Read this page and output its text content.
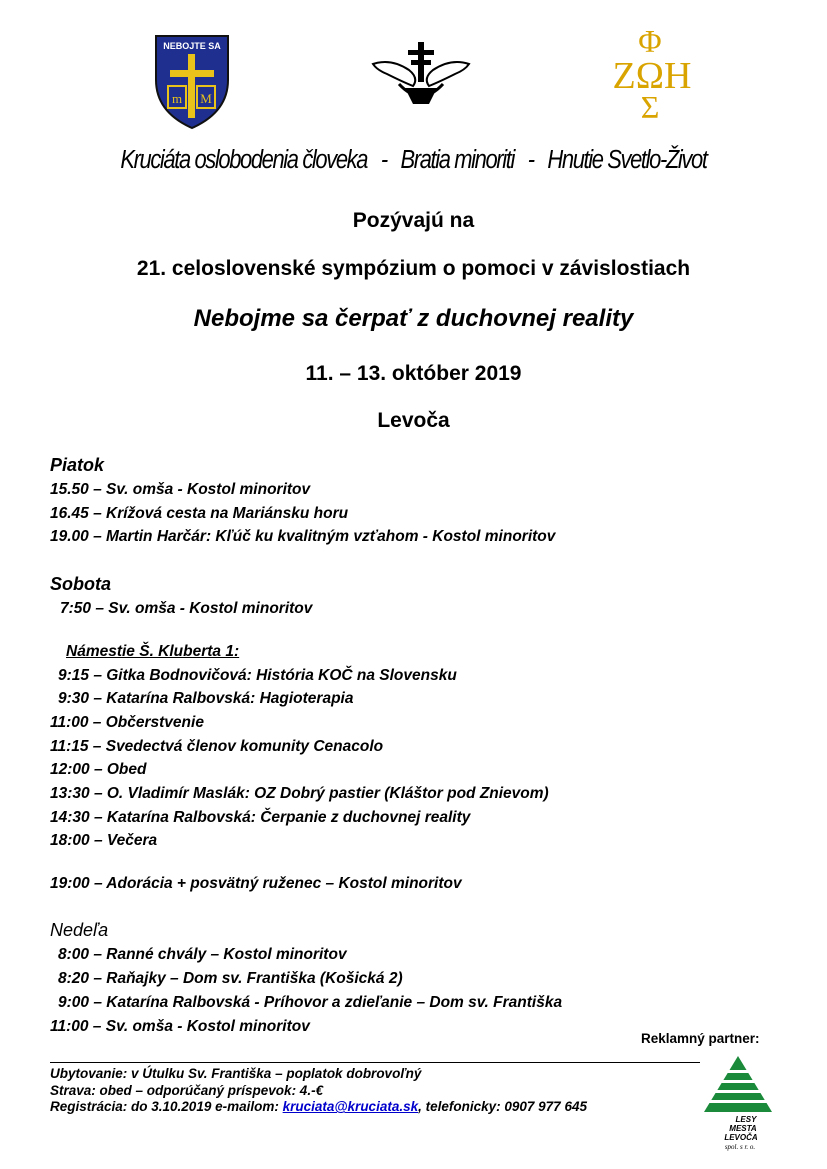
NEBOJTE SA
m M
Φ
ΖΩΗ
Σ
Kruciáta oslobodenia človeka - Bratia minoriti - Hnutie Svetlo-Život
Pozývajú na
21. celoslovenské sympózium o pomoci v závislostiach
Nebojme sa čerpať z duchovnej reality
11. – 13. október 2019
Levoča
Piatok
15.50 – Sv. omša - Kostol minoritov
16.45 – Krížová cesta na Mariánsku horu
19.00 – Martin Harčár: Kľúč ku kvalitným vzťahom - Kostol minoritov
Sobota
7:50 – Sv. omša - Kostol minoritov
Námestie Š. Kluberta 1:
9:15 – Gitka Bodnovičová: História KOČ na Slovensku
9:30 – Katarína Ralbovská: Hagioterapia
11:00 – Občerstvenie
11:15 – Svedectvá členov komunity Cenacolo
12:00 – Obed
13:30 – O. Vladimír Maslák: OZ Dobrý pastier (Kláštor pod Znievom)
14:30 – Katarína Ralbovská: Čerpanie z duchovnej reality
18:00 – Večera
19:00 – Adorácia + posvätný ruženec – Kostol minoritov
Nedeľa
8:00 – Ranné chvály – Kostol minoritov
8:20 – Raňajky – Dom sv. Františka (Košická 2)
9:00 – Katarína Ralbovská - Príhovor a zdieľanie – Dom sv. Františka
11:00 – Sv. omša - Kostol minoritov
Reklamný partner:
LESY
MESTA
LEVOČA
spol. s r. o.
Ubytovanie: v Útulku Sv. Františka – poplatok dobrovoľný
Strava: obed – odporúčaný príspevok: 4.-€
Registrácia: do 3.10.2019 e-mailom: kruciata@kruciata.sk, telefonicky: 0907 977 645
